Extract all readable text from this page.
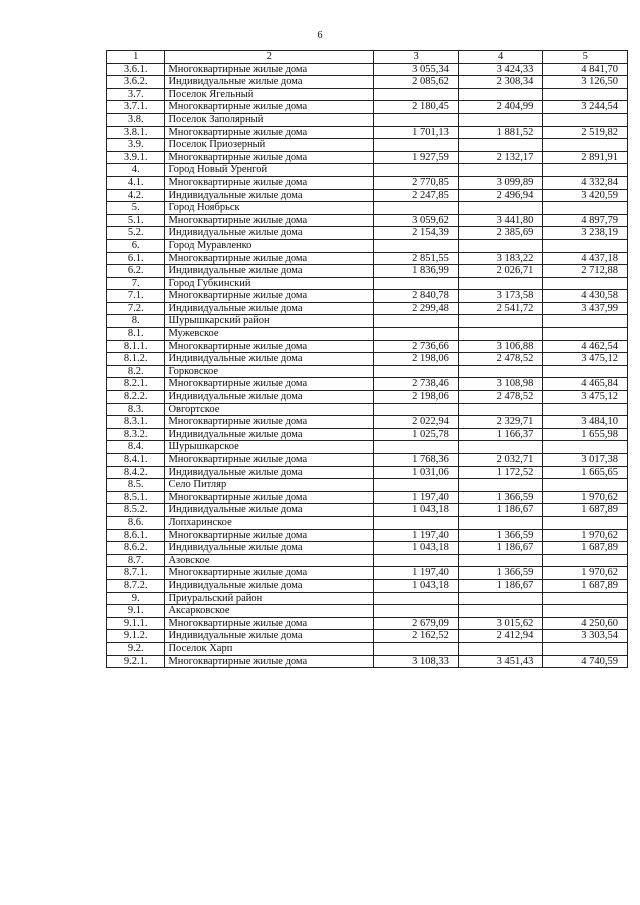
6
1	2	3	4	5
3.6.1.	Многоквартирные жилые дома	3 055,34	3 424,33	4 841,70
3.6.2.	Индивидуальные жилые дома	2 085,62	2 308,34	3 126,50
3.7.	Поселок Ягельный			
3.7.1.	Многоквартирные жилые дома	2 180,45	2 404,99	3 244,54
3.8.	Поселок Заполярный			
3.8.1.	Многоквартирные жилые дома	1 701,13	1 881,52	2 519,82
3.9.	Поселок Приозерный			
3.9.1.	Многоквартирные жилые дома	1 927,59	2 132,17	2 891,91
4.	Город Новый Уренгой			
4.1.	Многоквартирные жилые дома	2 770,85	3 099,89	4 332,84
4.2.	Индивидуальные жилые дома	2 247,85	2 496,94	3 420,59
5.	Город Ноябрьск			
5.1.	Многоквартирные жилые дома	3 059,62	3 441,80	4 897,79
5.2.	Индивидуальные жилые дома	2 154,39	2 385,69	3 238,19
6.	Город Муравленко			
6.1.	Многоквартирные жилые дома	2 851,55	3 183,22	4 437,18
6.2.	Индивидуальные жилые дома	1 836,99	2 026,71	2 712,88
7.	Город Губкинский			
7.1.	Многоквартирные жилые дома	2 840,78	3 173,58	4 430,58
7.2.	Индивидуальные жилые дома	2 299,48	2 541,72	3 437,99
8.	Шурышкарский район			
8.1.	Мужевское			
8.1.1.	Многоквартирные жилые дома	2 736,66	3 106,88	4 462,54
8.1.2.	Индивидуальные жилые дома	2 198,06	2 478,52	3 475,12
8.2.	Горковское			
8.2.1.	Многоквартирные жилые дома	2 738,46	3 108,98	4 465,84
8.2.2.	Индивидуальные жилые дома	2 198,06	2 478,52	3 475,12
8.3.	Овгортское			
8.3.1.	Многоквартирные жилые дома	2 022,94	2 329,71	3 484,10
8.3.2.	Индивидуальные жилые дома	1 025,78	1 166,37	1 655,98
8.4.	Шурышкарское			
8.4.1.	Многоквартирные жилые дома	1 768,36	2 032,71	3 017,38
8.4.2.	Индивидуальные жилые дома	1 031,06	1 172,52	1 665,65
8.5.	Село Питляр			
8.5.1.	Многоквартирные жилые дома	1 197,40	1 366,59	1 970,62
8.5.2.	Индивидуальные жилые дома	1 043,18	1 186,67	1 687,89
8.6.	Лопхаринское			
8.6.1.	Многоквартирные жилые дома	1 197,40	1 366,59	1 970,62
8.6.2.	Индивидуальные жилые дома	1 043,18	1 186,67	1 687,89
8.7.	Азовское			
8.7.1.	Многоквартирные жилые дома	1 197,40	1 366,59	1 970,62
8.7.2.	Индивидуальные жилые дома	1 043,18	1 186,67	1 687,89
9.	Приуральский район			
9.1.	Аксарковское			
9.1.1.	Многоквартирные жилые дома	2 679,09	3 015,62	4 250,60
9.1.2.	Индивидуальные жилые дома	2 162,52	2 412,94	3 303,54
9.2.	Поселок Харп			
9.2.1.	Многоквартирные жилые дома	3 108,33	3 451,43	4 740,59
